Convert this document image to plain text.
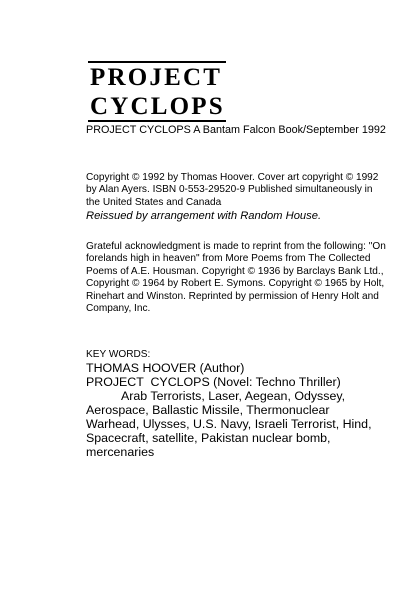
PROJECT
CYCLOPS
PROJECT CYCLOPS A Bantam Falcon Book/September 1992

Copyright © 1992 by Thomas Hoover. Cover art copyright © 1992 by Alan Ayers. ISBN 0-553-29520-9 Published simultaneously in the United States and Canada

Reissued by arrangement with Random House.

Grateful acknowledgment is made to reprint from the following: "On forelands high in heaven" from More Poems from The Collected Poems of A.E. Housman. Copyright © 1936 by Barclays Bank Ltd., Copyright © 1964 by Robert E. Symons. Copyright © 1965 by Holt, Rinehart and Winston. Reprinted by permission of Henry Holt and Company, Inc.

KEY WORDS:
THOMAS HOOVER (Author)
PROJECT  CYCLOPS (Novel: Techno Thriller)

Arab Terrorists, Laser, Aegean, Odyssey, Aerospace, Ballastic Missile, Thermonuclear Warhead, Ulysses, U.S. Navy, Israeli Terrorist, Hind, Spacecraft, satellite, Pakistan nuclear bomb, mercenaries
